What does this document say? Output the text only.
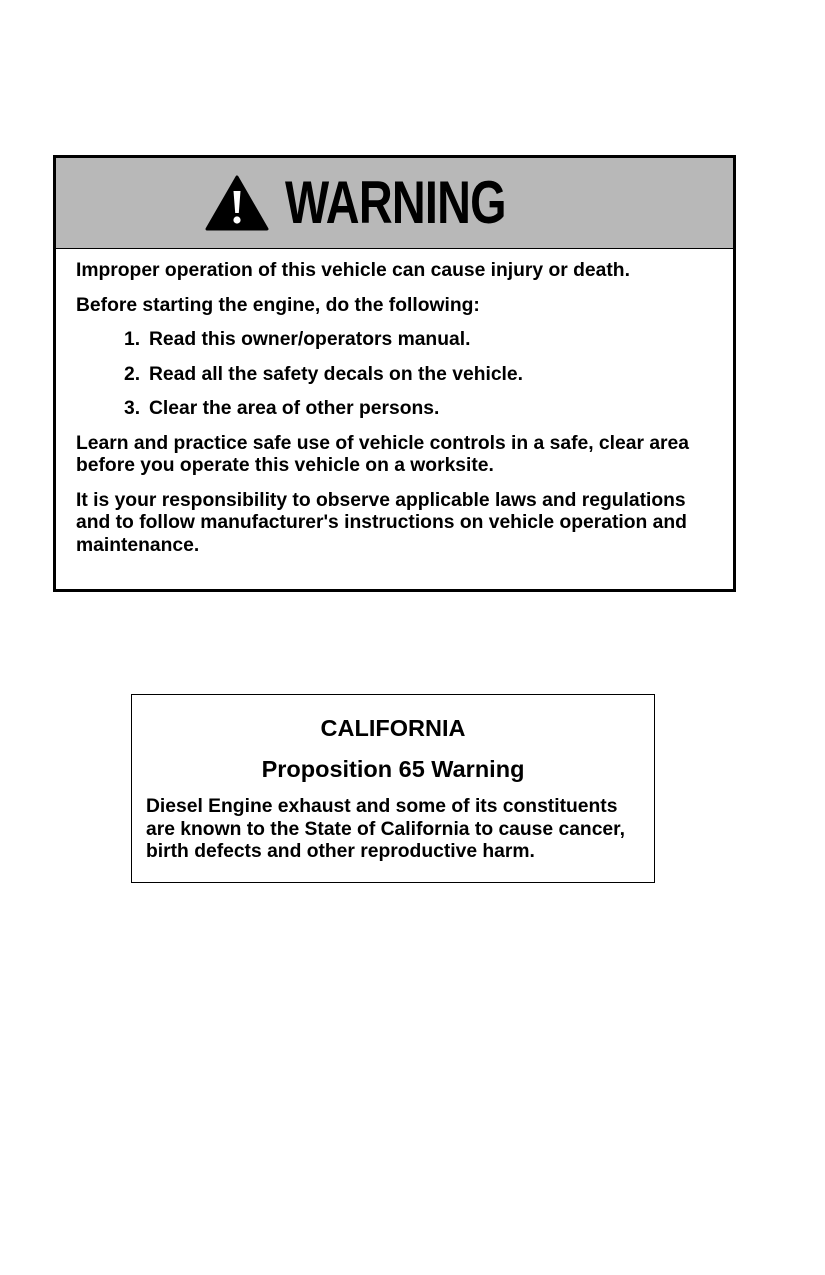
WARNING

Improper operation of this vehicle can cause injury or death.

Before starting the engine, do the following:

1. Read this owner/operators manual.
2. Read all the safety decals on the vehicle.
3. Clear the area of other persons.

Learn and practice safe use of vehicle controls in a safe, clear area before you operate this vehicle on a worksite.

It is your responsibility to observe applicable laws and regulations and to follow manufacturer's instructions on vehicle operation and maintenance.

CALIFORNIA
Proposition 65 Warning
Diesel Engine exhaust and some of its constituents are known to the State of California to cause cancer, birth defects and other reproductive harm.
